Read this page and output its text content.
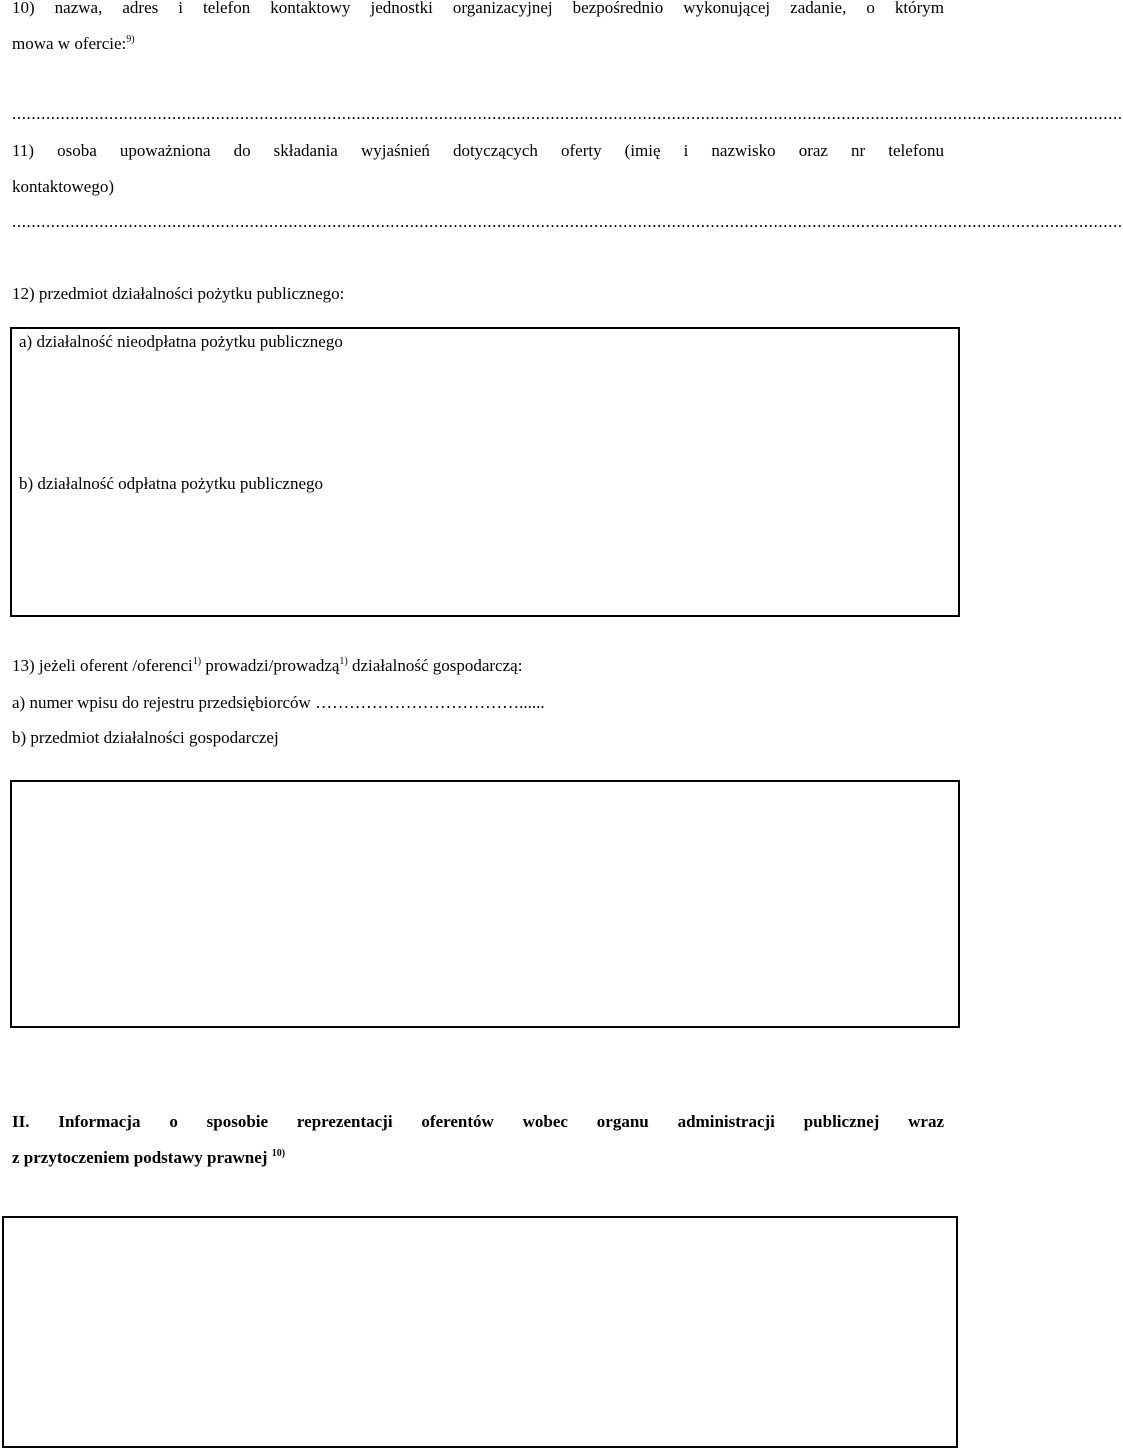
10) nazwa, adres i telefon kontaktowy jednostki organizacyjnej bezpośrednio wykonującej zadanie, o którym
mowa w ofercie:$^{9)}$
.....................................................................................................................................................................................................................................
11) osoba upoważniona do składania wyjaśnień dotyczących oferty (imię i nazwisko oraz nr telefonu
kontaktowego)
.....................................................................................................................................................................................................................................
12) przedmiot działalności pożytku publicznego:
a) działalność nieodpłatna pożytku publicznego
b) działalność odpłatna pożytku publicznego
13) jeżeli oferent /oferenci$^{1)}$ prowadzi/prowadzą$^{1)}$ działalność gospodarczą:
a) numer wpisu do rejestru przedsiębiorców ………………………………......
b) przedmiot działalności gospodarczej
II. Informacja o sposobie reprezentacji oferentów wobec organu administracji publicznej wraz
z przytoczeniem podstawy prawnej $^{10)}$
